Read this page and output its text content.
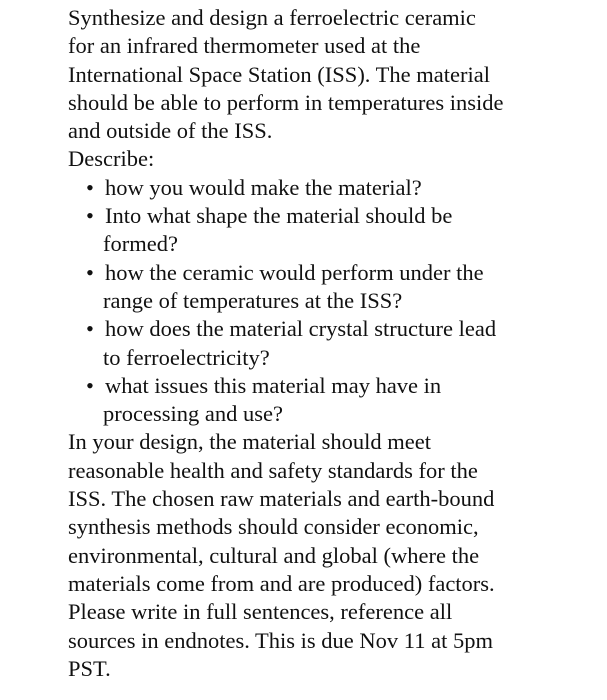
Synthesize and design a ferroelectric ceramic
for an infrared thermometer used at the
International Space Station (ISS). The material
should be able to perform in temperatures inside
and outside of the ISS.
Describe:
• how you would make the material?
• Into what shape the material should be
formed?
• how the ceramic would perform under the
range of temperatures at the ISS?
• how does the material crystal structure lead
to ferroelectricity?
• what issues this material may have in
processing and use?
In your design, the material should meet
reasonable health and safety standards for the
ISS. The chosen raw materials and earth-bound
synthesis methods should consider economic,
environmental, cultural and global (where the
materials come from and are produced) factors.
Please write in full sentences, reference all
sources in endnotes. This is due Nov 11 at 5pm
PST.
